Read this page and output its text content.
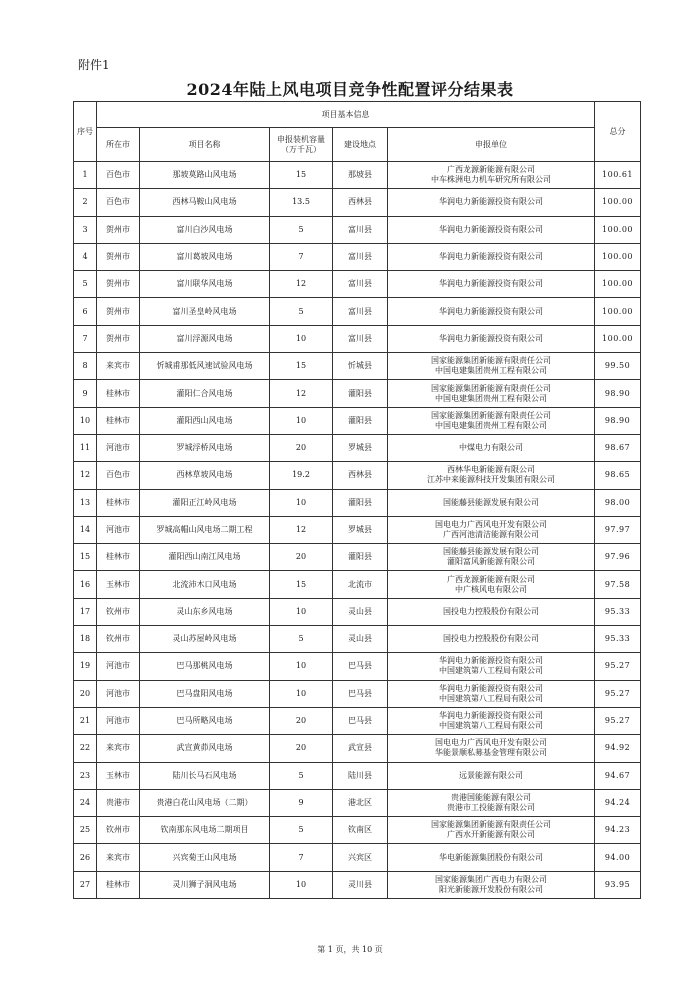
附件1
2024年陆上风电项目竞争性配置评分结果表
序号	项目基本信息					总分
	所在市	项目名称	申报装机容量（万千瓦）	建设地点	申报单位	
1	百色市	那坡莫路山风电场	15	那坡县	广西龙源新能源有限公司
中车株洲电力机车研究所有限公司	100.61
2	百色市	西林马鞍山风电场	13.5	西林县	华润电力新能源投资有限公司	100.00
3	贺州市	富川白沙风电场	5	富川县	华润电力新能源投资有限公司	100.00
4	贺州市	富川葛坡风电场	7	富川县	华润电力新能源投资有限公司	100.00
5	贺州市	富川联华风电场	12	富川县	华润电力新能源投资有限公司	100.00
6	贺州市	富川圣皇岭风电场	5	富川县	华润电力新能源投资有限公司	100.00
7	贺州市	富川浮源风电场	10	富川县	华润电力新能源投资有限公司	100.00
8	来宾市	忻城甫那低风速试验风电场	15	忻城县	国家能源集团新能源有限责任公司
中国电建集团贵州工程有限公司	99.50
9	桂林市	灌阳仁合风电场	12	灌阳县	国家能源集团新能源有限责任公司
中国电建集团贵州工程有限公司	98.90
10	桂林市	灌阳西山风电场	10	灌阳县	国家能源集团新能源有限责任公司
中国电建集团贵州工程有限公司	98.90
11	河池市	罗城浮桥风电场	20	罗城县	中煤电力有限公司	98.67
12	百色市	西林草坡风电场	19.2	西林县	西林华电新能源有限公司
江苏中来能源科技开发集团有限公司	98.65
13	桂林市	灌阳正江岭风电场	10	灌阳县	国能藤县能源发展有限公司	98.00
14	河池市	罗城高帽山风电场二期工程	12	罗城县	国电电力广西风电开发有限公司
广西河池清洁能源有限公司	97.97
15	桂林市	灌阳西山南江风电场	20	灌阳县	国能藤县能源发展有限公司
灌阳富风新能源有限公司	97.96
16	玉林市	北流沛木口风电场	15	北流市	广西龙源新能源有限公司
中广核风电有限公司	97.58
17	钦州市	灵山东乡风电场	10	灵山县	国投电力控股股份有限公司	95.33
18	钦州市	灵山苏屋岭风电场	5	灵山县	国投电力控股股份有限公司	95.33
19	河池市	巴马那桃风电场	10	巴马县	华润电力新能源投资有限公司
中国建筑第八工程局有限公司	95.27
20	河池市	巴马盘阳风电场	10	巴马县	华润电力新能源投资有限公司
中国建筑第八工程局有限公司	95.27
21	河池市	巴马所略风电场	20	巴马县	华润电力新能源投资有限公司
中国建筑第八工程局有限公司	95.27
22	来宾市	武宣黄茆风电场	20	武宣县	国电电力广西风电开发有限公司
华能景顺私募基金管理有限公司	94.92
23	玉林市	陆川长马石风电场	5	陆川县	远景能源有限公司	94.67
24	贵港市	贵港白花山风电场（二期）	9	港北区	贵港国能能源有限公司
贵港市工投能源有限公司	94.24
25	钦州市	钦南那东风电场二期项目	5	钦南区	国家能源集团新能源有限责任公司
广西水开新能源有限公司	94.23
26	来宾市	兴宾菊王山风电场	7	兴宾区	华电新能源集团股份有限公司	94.00
27	桂林市	灵川狮子洞风电场	10	灵川县	国家能源集团广西电力有限公司
阳光新能源开发股份有限公司	93.95
第 1 页，共 10 页
